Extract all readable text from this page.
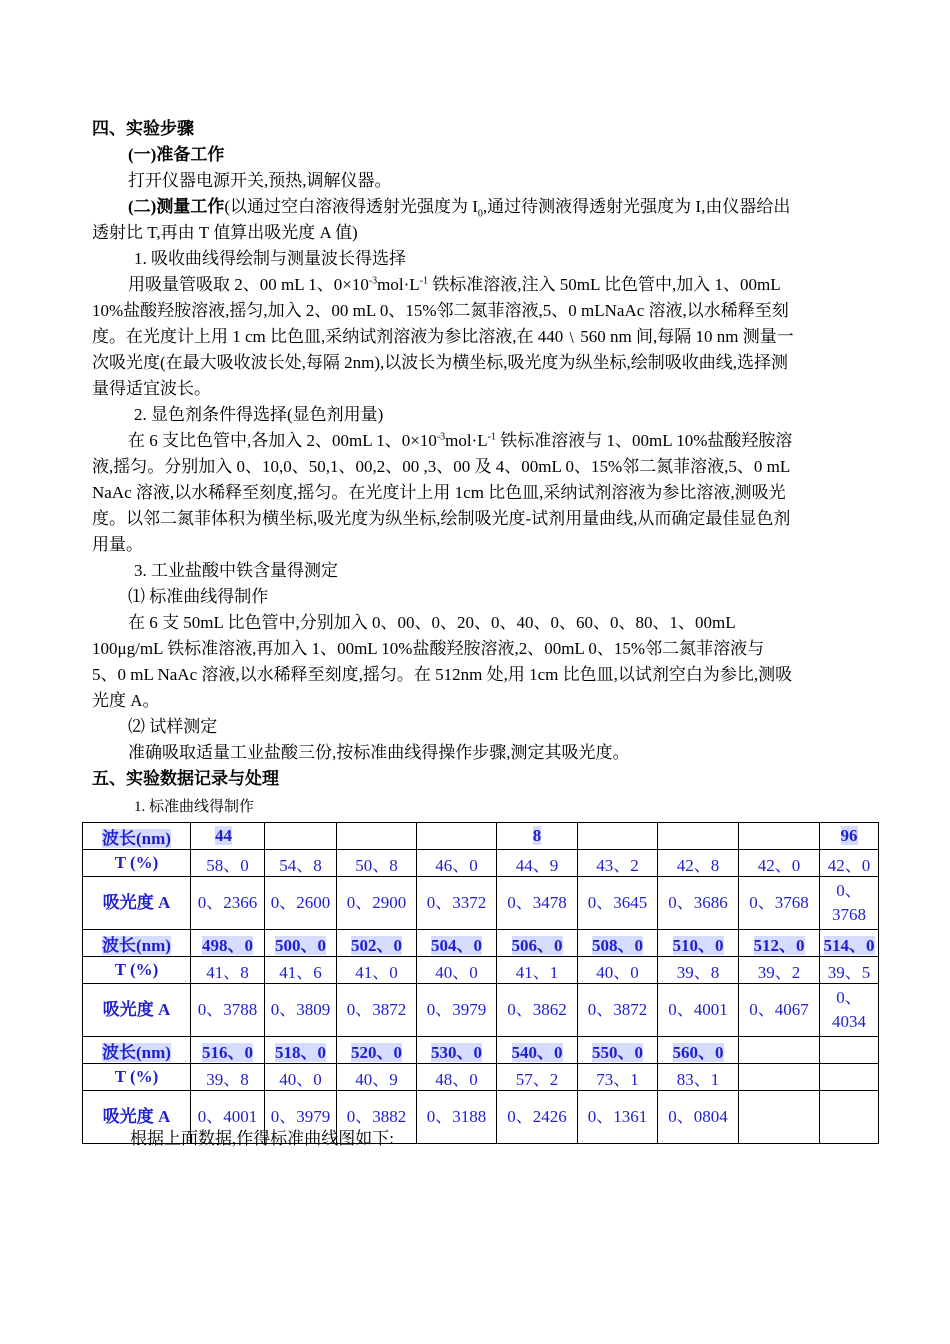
四、实验步骤
(一)准备工作
打开仪器电源开关,预热,调解仪器。
(二)测量工作(以通过空白溶液得透射光强度为 $I_0$,通过待测液得透射光强度为 I,由仪器给出
透射比 T,再由 T 值算出吸光度 A 值)
1. 吸收曲线得绘制与测量波长得选择
用吸量管吸取 2、00 mL 1、$0\times 10^{-3}mol\cdot L^{-1}$ 铁标准溶液,注入 50mL 比色管中,加入 1、00mL
10%盐酸羟胺溶液,摇匀,加入 2、00 mL 0、15%邻二氮菲溶液,5、0 mLNaAc 溶液,以水稀释至刻
度。在光度计上用 1 cm 比色皿,采纳试剂溶液为参比溶液,在 440﹨560 nm 间,每隔 10 nm 测量一
次吸光度(在最大吸收波长处,每隔 2nm),以波长为横坐标,吸光度为纵坐标,绘制吸收曲线,选择测
量得适宜波长。
2. 显色剂条件得选择(显色剂用量)
在 6 支比色管中,各加入 2、00mL 1、$0\times 10^{-3}mol\cdot L^{-1}$ 铁标准溶液与 1、00mL 10%盐酸羟胺溶
液,摇匀。分别加入 0、10,0、50,1、00,2、00 ,3、00 及 4、00mL 0、15%邻二氮菲溶液,5、0 mL
NaAc 溶液,以水稀释至刻度,摇匀。在光度计上用 1cm 比色皿,采纳试剂溶液为参比溶液,测吸光
度。以邻二氮菲体积为横坐标,吸光度为纵坐标,绘制吸光度-试剂用量曲线,从而确定最佳显色剂
用量。
3. 工业盐酸中铁含量得测定
⑴ 标准曲线得制作
在 6 支 50mL 比色管中,分别加入 0、00、0、20、0、40、0、60、0、80、1、00mL
100μg/mL 铁标准溶液,再加入 1、00mL 10%盐酸羟胺溶液,2、00mL 0、15%邻二氮菲溶液与
5、0 mL NaAc 溶液,以水稀释至刻度,摇匀。在 512nm 处,用 1cm 比色皿,以试剂空白为参比,测吸
光度 A。
⑵ 试样测定
准确吸取适量工业盐酸三份,按标准曲线得操作步骤,测定其吸光度。
五、实验数据记录与处理
1. 标准曲线得制作
波长(nm)	44				8				96
T (%)	58、0	54、8	50、8	46、0	44、9	43、2	42、8	42、0	42、0
吸光度 A	0、2366	0、2600	0、2900	0、3372	0、3478	0、3645	0、3686	0、3768	0、3768
波长(nm)	498、0	500、0	502、0	504、0	506、0	508、0	510、0	512、0	514、0
T (%)	41、8	41、6	41、0	40、0	41、1	40、0	39、8	39、2	39、5
吸光度 A	0、3788	0、3809	0、3872	0、3979	0、3862	0、3872	0、4001	0、4067	0、4034
波长(nm)	516、0	518、0	520、0	530、0	540、0	550、0	560、0		
T (%)	39、8	40、0	40、9	48、0	57、2	73、1	83、1		
吸光度 A	0、4001	0、3979	0、3882	0、3188	0、2426	0、1361	0、0804		
根据上面数据,作得标准曲线图如下:
